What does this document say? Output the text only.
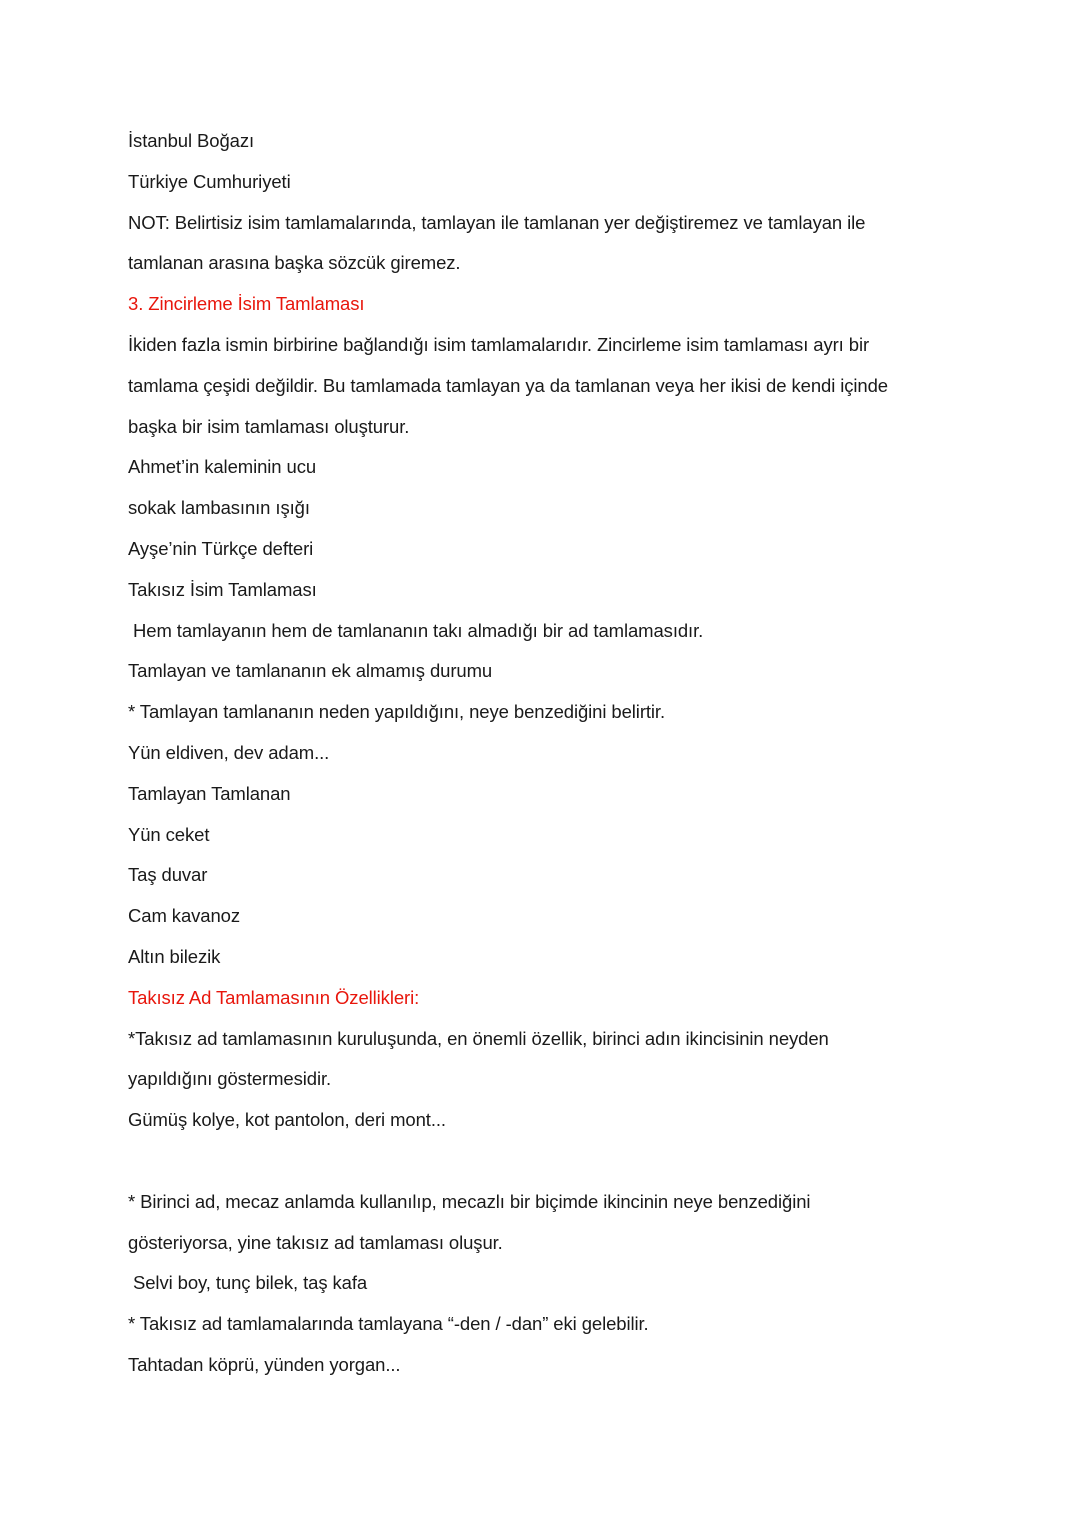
İstanbul Boğazı
Türkiye Cumhuriyeti
NOT: Belirtisiz isim tamlamalarında, tamlayan ile tamlanan yer değiştiremez ve tamlayan ile
tamlanan arasına başka sözcük giremez.
3. Zincirleme İsim Tamlaması
İkiden fazla ismin birbirine bağlandığı isim tamlamalarıdır. Zincirleme isim tamlaması ayrı bir
tamlama çeşidi değildir. Bu tamlamada tamlayan ya da tamlanan veya her ikisi de kendi içinde
başka bir isim tamlaması oluşturur.
Ahmet’in kaleminin ucu
sokak lambasının ışığı
Ayşe’nin Türkçe defteri
Takısız İsim Tamlaması
Hem tamlayanın hem de tamlananın takı almadığı bir ad tamlamasıdır.
Tamlayan ve tamlananın ek almamış durumu
* Tamlayan tamlananın neden yapıldığını, neye benzediğini belirtir.
Yün eldiven, dev adam...
Tamlayan Tamlanan
Yün ceket
Taş duvar
Cam kavanoz
Altın bilezik
Takısız Ad Tamlamasının Özellikleri:
*Takısız ad tamlamasının kuruluşunda, en önemli özellik, birinci adın ikincisinin neyden
yapıldığını göstermesidir.
Gümüş kolye, kot pantolon, deri mont...
* Birinci ad, mecaz anlamda kullanılıp, mecazlı bir biçimde ikincinin neye benzediğini
gösteriyorsa, yine takısız ad tamlaması oluşur.
Selvi boy, tunç bilek, taş kafa
* Takısız ad tamlamalarında tamlayana “-den / -dan” eki gelebilir.
Tahtadan köprü, yünden yorgan...
